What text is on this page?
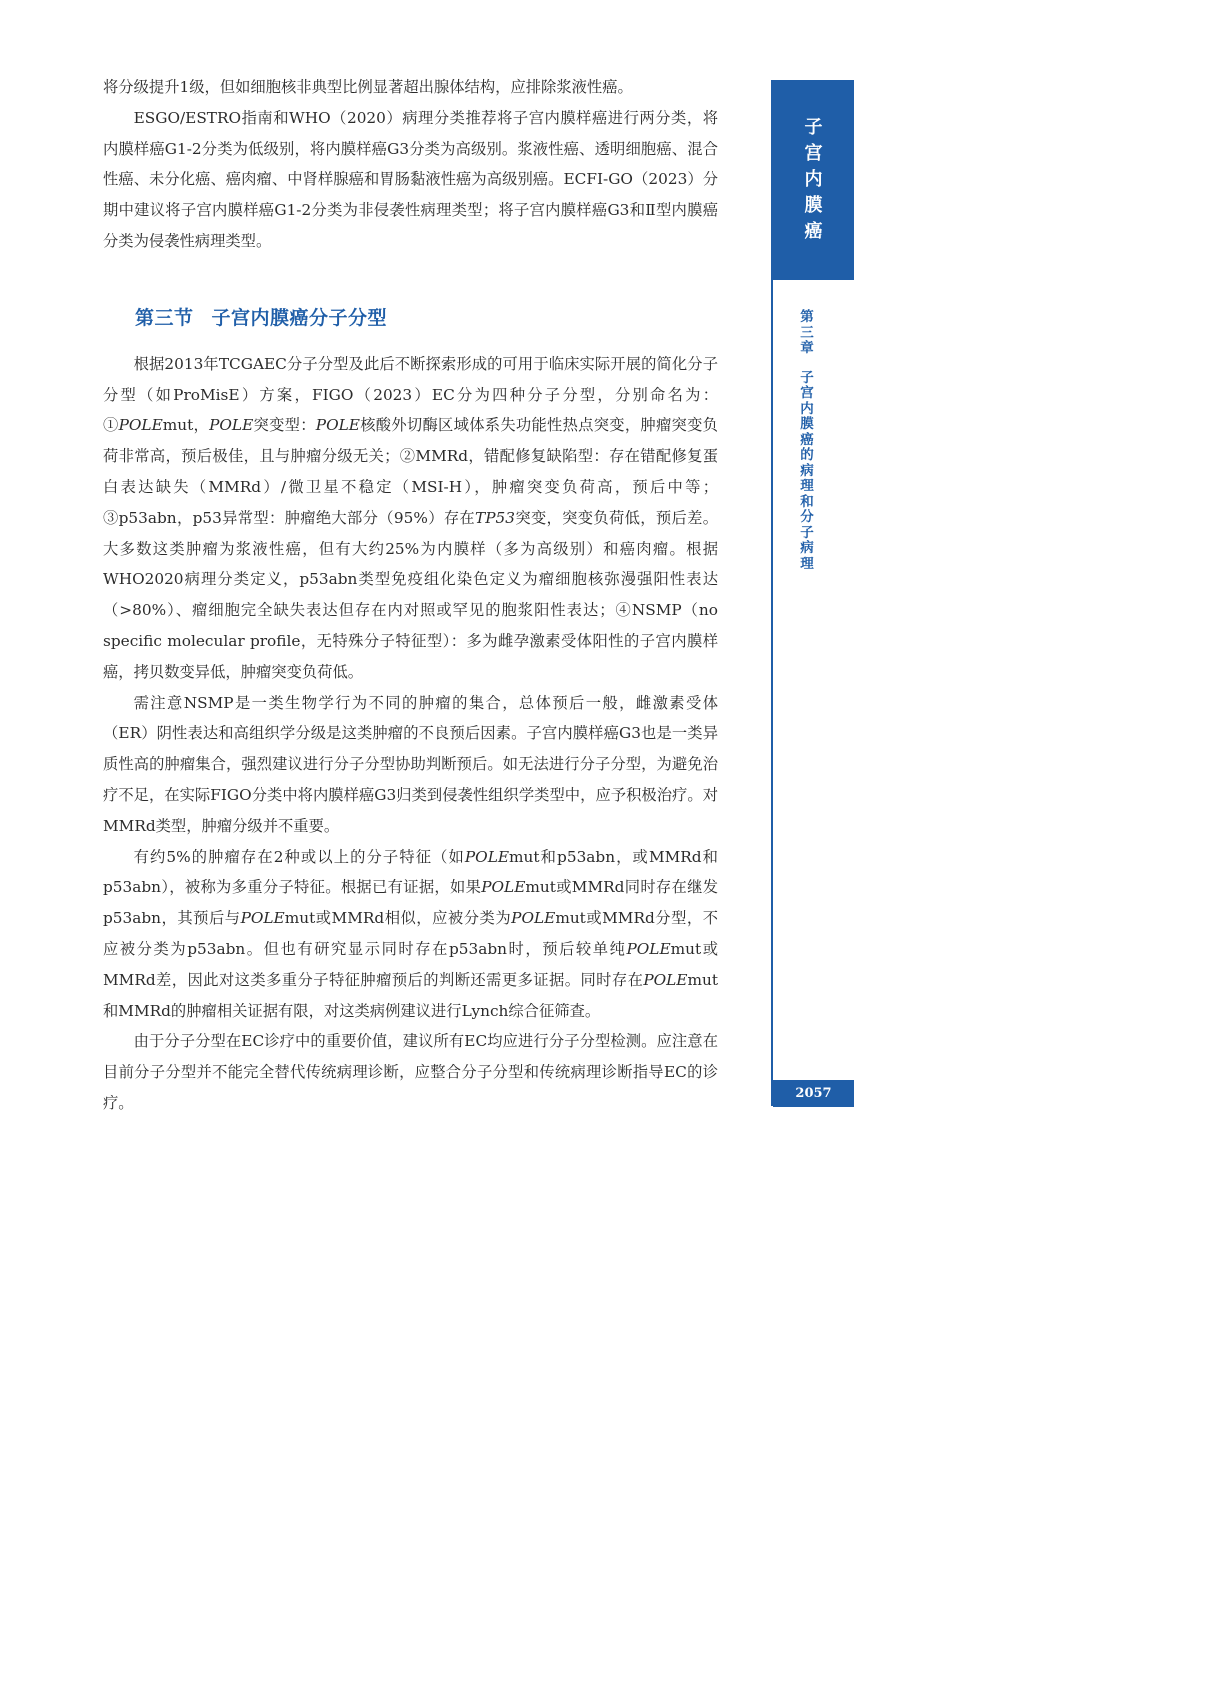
将分级提升1级，但如细胞核非典型比例显著超出腺体结构，应排除浆液性癌。

ESGO/ESTRO指南和WHO（2020）病理分类推荐将子宫内膜样癌进行两分类，将内膜样癌G1-2分类为低级别，将内膜样癌G3分类为高级别。浆液性癌、透明细胞癌、混合性癌、未分化癌、癌肉瘤、中肾样腺癌和胃肠黏液性癌为高级别癌。ECFI-GO（2023）分期中建议将子宫内膜样癌G1-2分类为非侵袭性病理类型；将子宫内膜样癌G3和Ⅱ型内膜癌分类为侵袭性病理类型。

第三节 子宫内膜癌分子分型

根据2013年TCGAEC分子分型及此后不断探索形成的可用于临床实际开展的简化分子分型（如ProMisE）方案，FIGO（2023）EC分为四种分子分型，分别命名为：①POLEmut，POLE突变型：POLE核酸外切酶区域体系失功能性热点突变，肿瘤突变负荷非常高，预后极佳，且与肿瘤分级无关；②MMRd，错配修复缺陷型：存在错配修复蛋白表达缺失（MMRd）/微卫星不稳定（MSI-H），肿瘤突变负荷高，预后中等；③p53abn，p53异常型：肿瘤绝大部分（95%）存在TP53突变，突变负荷低，预后差。大多数这类肿瘤为浆液性癌，但有大约25%为内膜样（多为高级别）和癌肉瘤。根据WHO2020病理分类定义，p53abn类型免疫组化染色定义为瘤细胞核弥漫强阳性表达（>80%）、瘤细胞完全缺失表达但存在内对照或罕见的胞浆阳性表达；④NSMP（no specific molecular profile，无特殊分子特征型）：多为雌孕激素受体阳性的子宫内膜样癌，拷贝数变异低，肿瘤突变负荷低。

需注意NSMP是一类生物学行为不同的肿瘤的集合，总体预后一般，雌激素受体（ER）阴性表达和高组织学分级是这类肿瘤的不良预后因素。子宫内膜样癌G3也是一类异质性高的肿瘤集合，强烈建议进行分子分型协助判断预后。如无法进行分子分型，为避免治疗不足，在实际FIGO分类中将内膜样癌G3归类到侵袭性组织学类型中，应予积极治疗。对MMRd类型，肿瘤分级并不重要。

有约5%的肿瘤存在2种或以上的分子特征（如POLEmut和p53abn，或MMRd和p53abn），被称为多重分子特征。根据已有证据，如果POLEmut或MMRd同时存在继发p53abn，其预后与POLEmut或MMRd相似，应被分类为POLEmut或MMRd分型，不应被分类为p53abn。但也有研究显示同时存在p53abn时，预后较单纯POLEmut或MMRd差，因此对这类多重分子特征肿瘤预后的判断还需更多证据。同时存在POLEmut和MMRd的肿瘤相关证据有限，对这类病例建议进行Lynch综合征筛查。

由于分子分型在EC诊疗中的重要价值，建议所有EC均应进行分子分型检测。应注意在目前分子分型并不能完全替代传统病理诊断，应整合分子分型和传统病理诊断指导EC的诊疗。

子
宫
内
膜
癌
第
三
章
子
宫
内
膜
癌
的
病
理
和
分
子
病
理
2057
